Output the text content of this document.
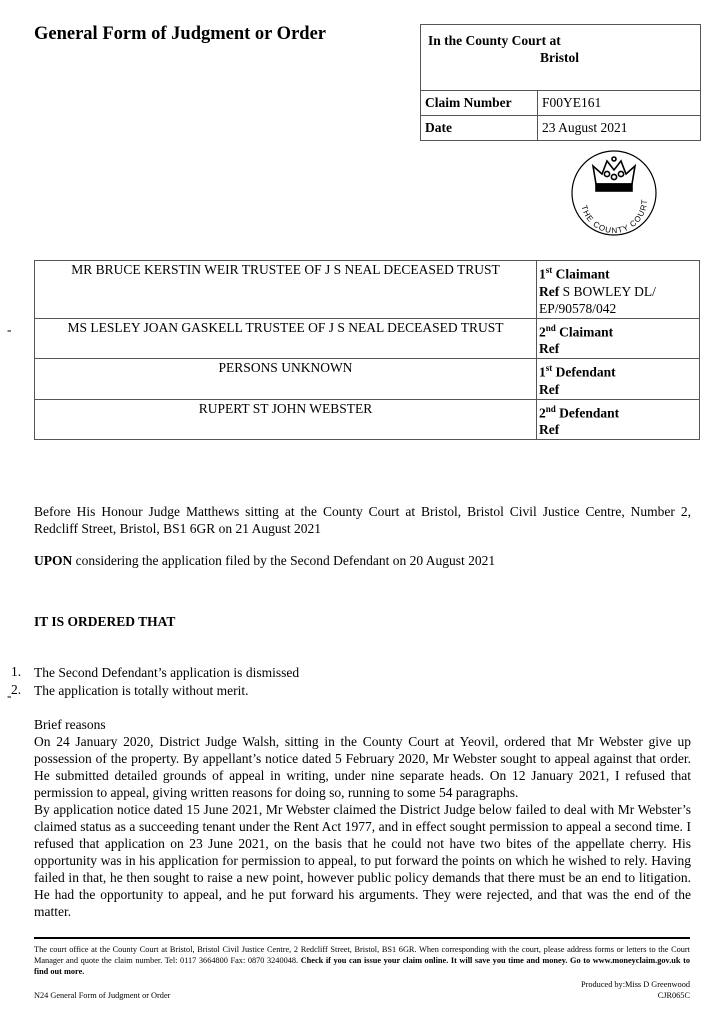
General Form of Judgment or Order	In the County Court at
Bristol
Claim Number	F00YE161
Date	23 August 2021
THE COUNTY COURT
MR BRUCE KERSTIN WEIR TRUSTEE OF J S NEAL DECEASED TRUST	1st Claimant
Ref S BOWLEY DL/ EP/90578/042

MS LESLEY JOAN GASKELL TRUSTEE OF J S NEAL DECEASED TRUST	2nd Claimant
Ref

PERSONS UNKNOWN	1st Defendant
Ref

RUPERT ST JOHN WEBSTER	2nd Defendant
Ref
-
Before His Honour Judge Matthews sitting at the County Court at Bristol, Bristol Civil Justice Centre, Number 2, Redcliff Street, Bristol, BS1 6GR on 21 August 2021
UPON considering the application filed by the Second Defendant on 20 August 2021
IT IS ORDERED THAT
1. The Second Defendant’s application is dismissed
2. The application is totally without merit.
-
Brief reasons
On 24 January 2020, District Judge Walsh, sitting in the County Court at Yeovil, ordered that Mr Webster give up possession of the property. By appellant’s notice dated 5 February 2020, Mr Webster sought to appeal against that order. He submitted detailed grounds of appeal in writing, under nine separate heads. On 12 January 2021, I refused that permission to appeal, giving written reasons for doing so, running to some 54 paragraphs.
By application notice dated 15 June 2021, Mr Webster claimed the District Judge below failed to deal with Mr Webster’s claimed status as a succeeding tenant under the Rent Act 1977, and in effect sought permission to appeal a second time. I refused that application on 23 June 2021, on the basis that he could not have two bites of the appellate cherry. His opportunity was in his application for permission to appeal, to put forward the points on which he wished to rely. Having failed in that, he then sought to raise a new point, however public policy demands that there must be an end to litigation. He had the opportunity to appeal, and he put forward his arguments. They were rejected, and that was the end of the matter.
The court office at the County Court at Bristol, Bristol Civil Justice Centre, 2 Redcliff Street, Bristol, BS1 6GR. When corresponding with the court, please address forms or letters to the Court Manager and quote the claim number. Tel: 0117 3664800 Fax: 0870 3240048. Check if you can issue your claim online. It will save you time and money. Go to www.moneyclaim.gov.uk to find out more.
Produced by:Miss D Greenwood
CJR065C
N24 General Form of Judgment or Order
